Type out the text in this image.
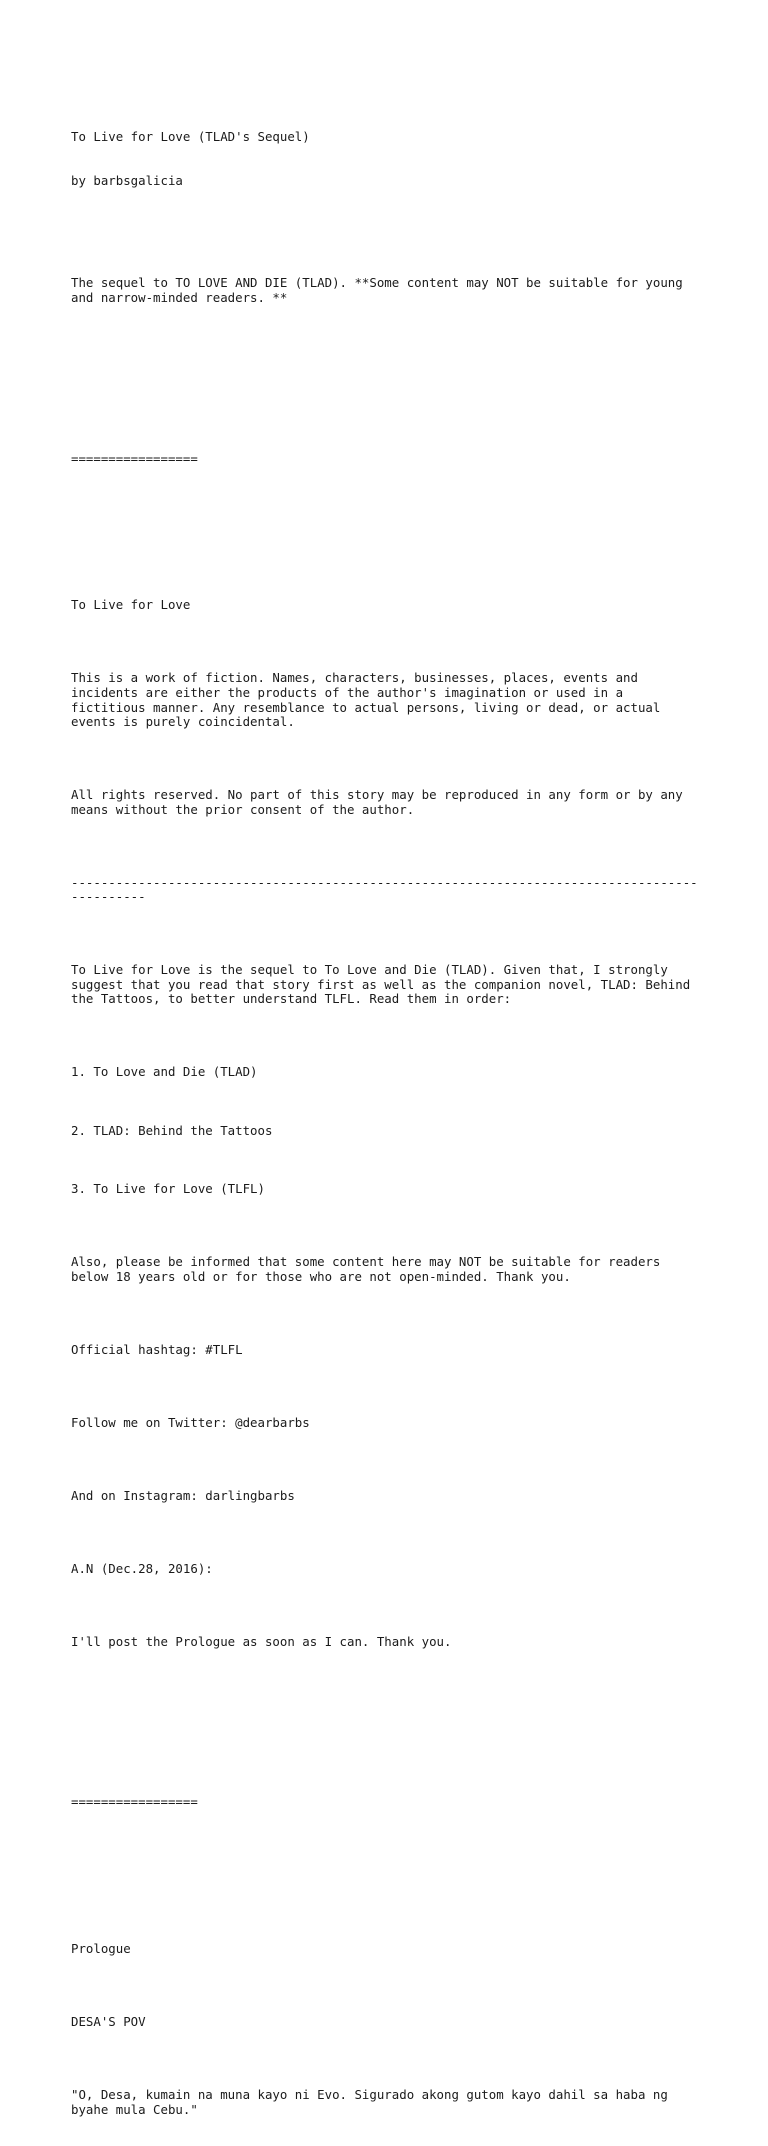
To Live for Love (TLAD's Sequel)

by barbsgalicia

The sequel to TO LOVE AND DIE (TLAD). **Some content may NOT be suitable for young and narrow-minded readers. **

=================

To Live for Love

This is a work of fiction. Names, characters, businesses, places, events and incidents are either the products of the author's imagination or used in a fictitious manner. Any resemblance to actual persons, living or dead, or actual events is purely coincidental.

All rights reserved. No part of this story may be reproduced in any form or by any means without the prior consent of the author.

----------------------------------------------------------------------------------------------

To Live for Love is the sequel to To Love and Die (TLAD). Given that, I strongly suggest that you read that story first as well as the companion novel, TLAD: Behind the Tattoos, to better understand TLFL. Read them in order:

1. To Love and Die (TLAD)

2. TLAD: Behind the Tattoos

3. To Live for Love (TLFL)

Also, please be informed that some content here may NOT be suitable for readers below 18 years old or for those who are not open-minded. Thank you.

Official hashtag: #TLFL

Follow me on Twitter: @dearbarbs

And on Instagram: darlingbarbs

A.N (Dec.28, 2016):

I'll post the Prologue as soon as I can. Thank you.

=================

Prologue

DESA'S POV

"O, Desa, kumain na muna kayo ni Evo. Sigurado akong gutom kayo dahil sa haba ng byahe mula Cebu."
